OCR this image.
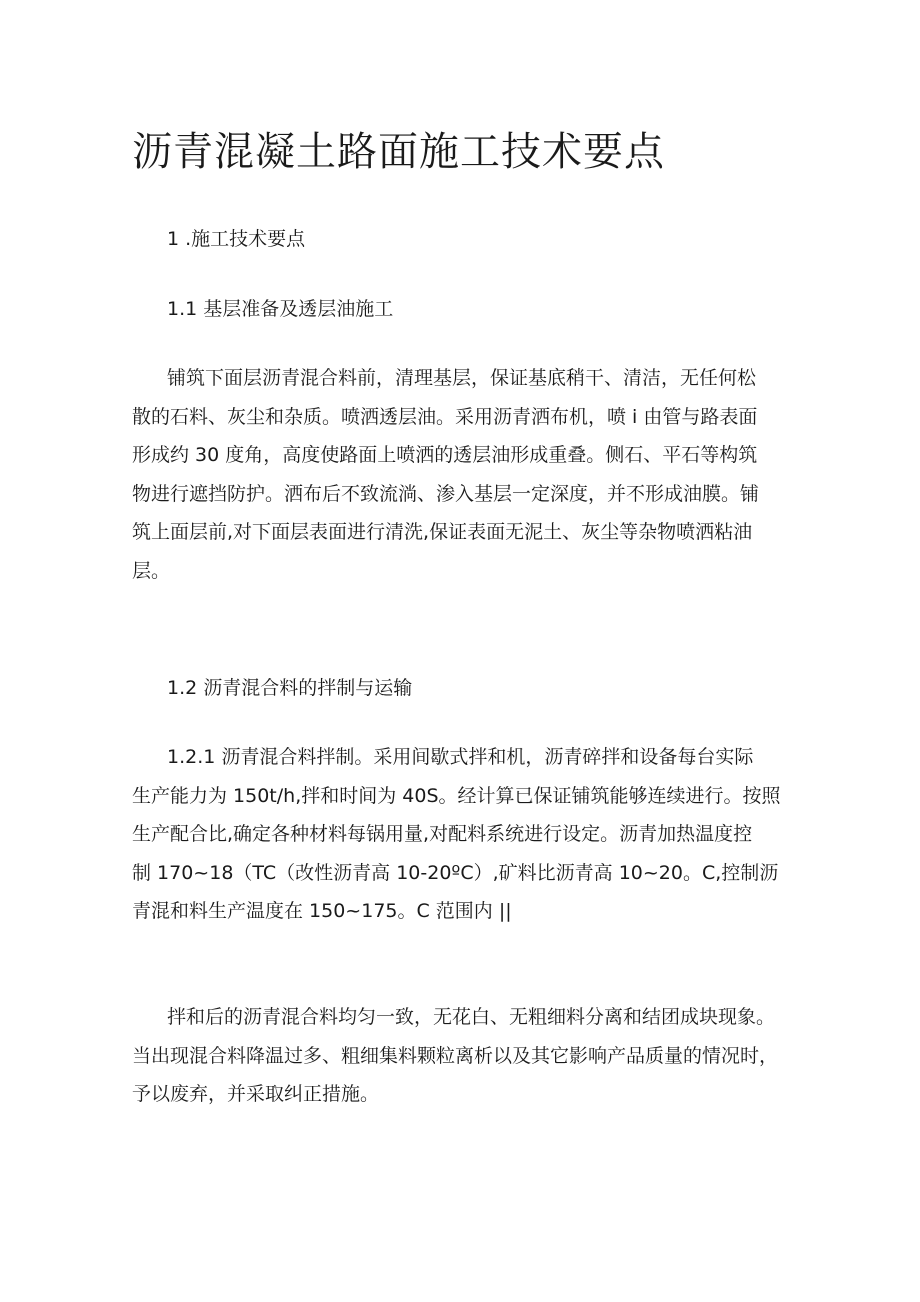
沥青混凝土路面施工技术要点
1 .施工技术要点
1.1 基层准备及透层油施工
铺筑下面层沥青混合料前，清理基层，保证基底稍干、清洁，无任何松
散的石料、灰尘和杂质。喷洒透层油。采用沥青洒布机，喷 i 由管与路表面
形成约 30 度角，高度使路面上喷洒的透层油形成重叠。侧石、平石等构筑
物进行遮挡防护。洒布后不致流淌、渗入基层一定深度，并不形成油膜。铺
筑上面层前,对下面层表面进行清洗,保证表面无泥土、灰尘等杂物喷洒粘油
层。
1.2 沥青混合料的拌制与运输
1.2.1 沥青混合料拌制。采用间歇式拌和机，沥青碎拌和设备每台实际
生产能力为 150t/h,拌和时间为 40S。经计算已保证铺筑能够连续进行。按照
生产配合比,确定各种材料每锅用量,对配料系统进行设定。沥青加热温度控
制 170~18（TC（改性沥青高 10-20ºC）,矿料比沥青高 10~20。C,控制沥
青混和料生产温度在 150~175。C 范围内 ||
拌和后的沥青混合料均匀一致，无花白、无粗细料分离和结团成块现象。
当出现混合料降温过多、粗细集料颗粒离析以及其它影响产品质量的情况时，
予以废弃，并采取纠正措施。
